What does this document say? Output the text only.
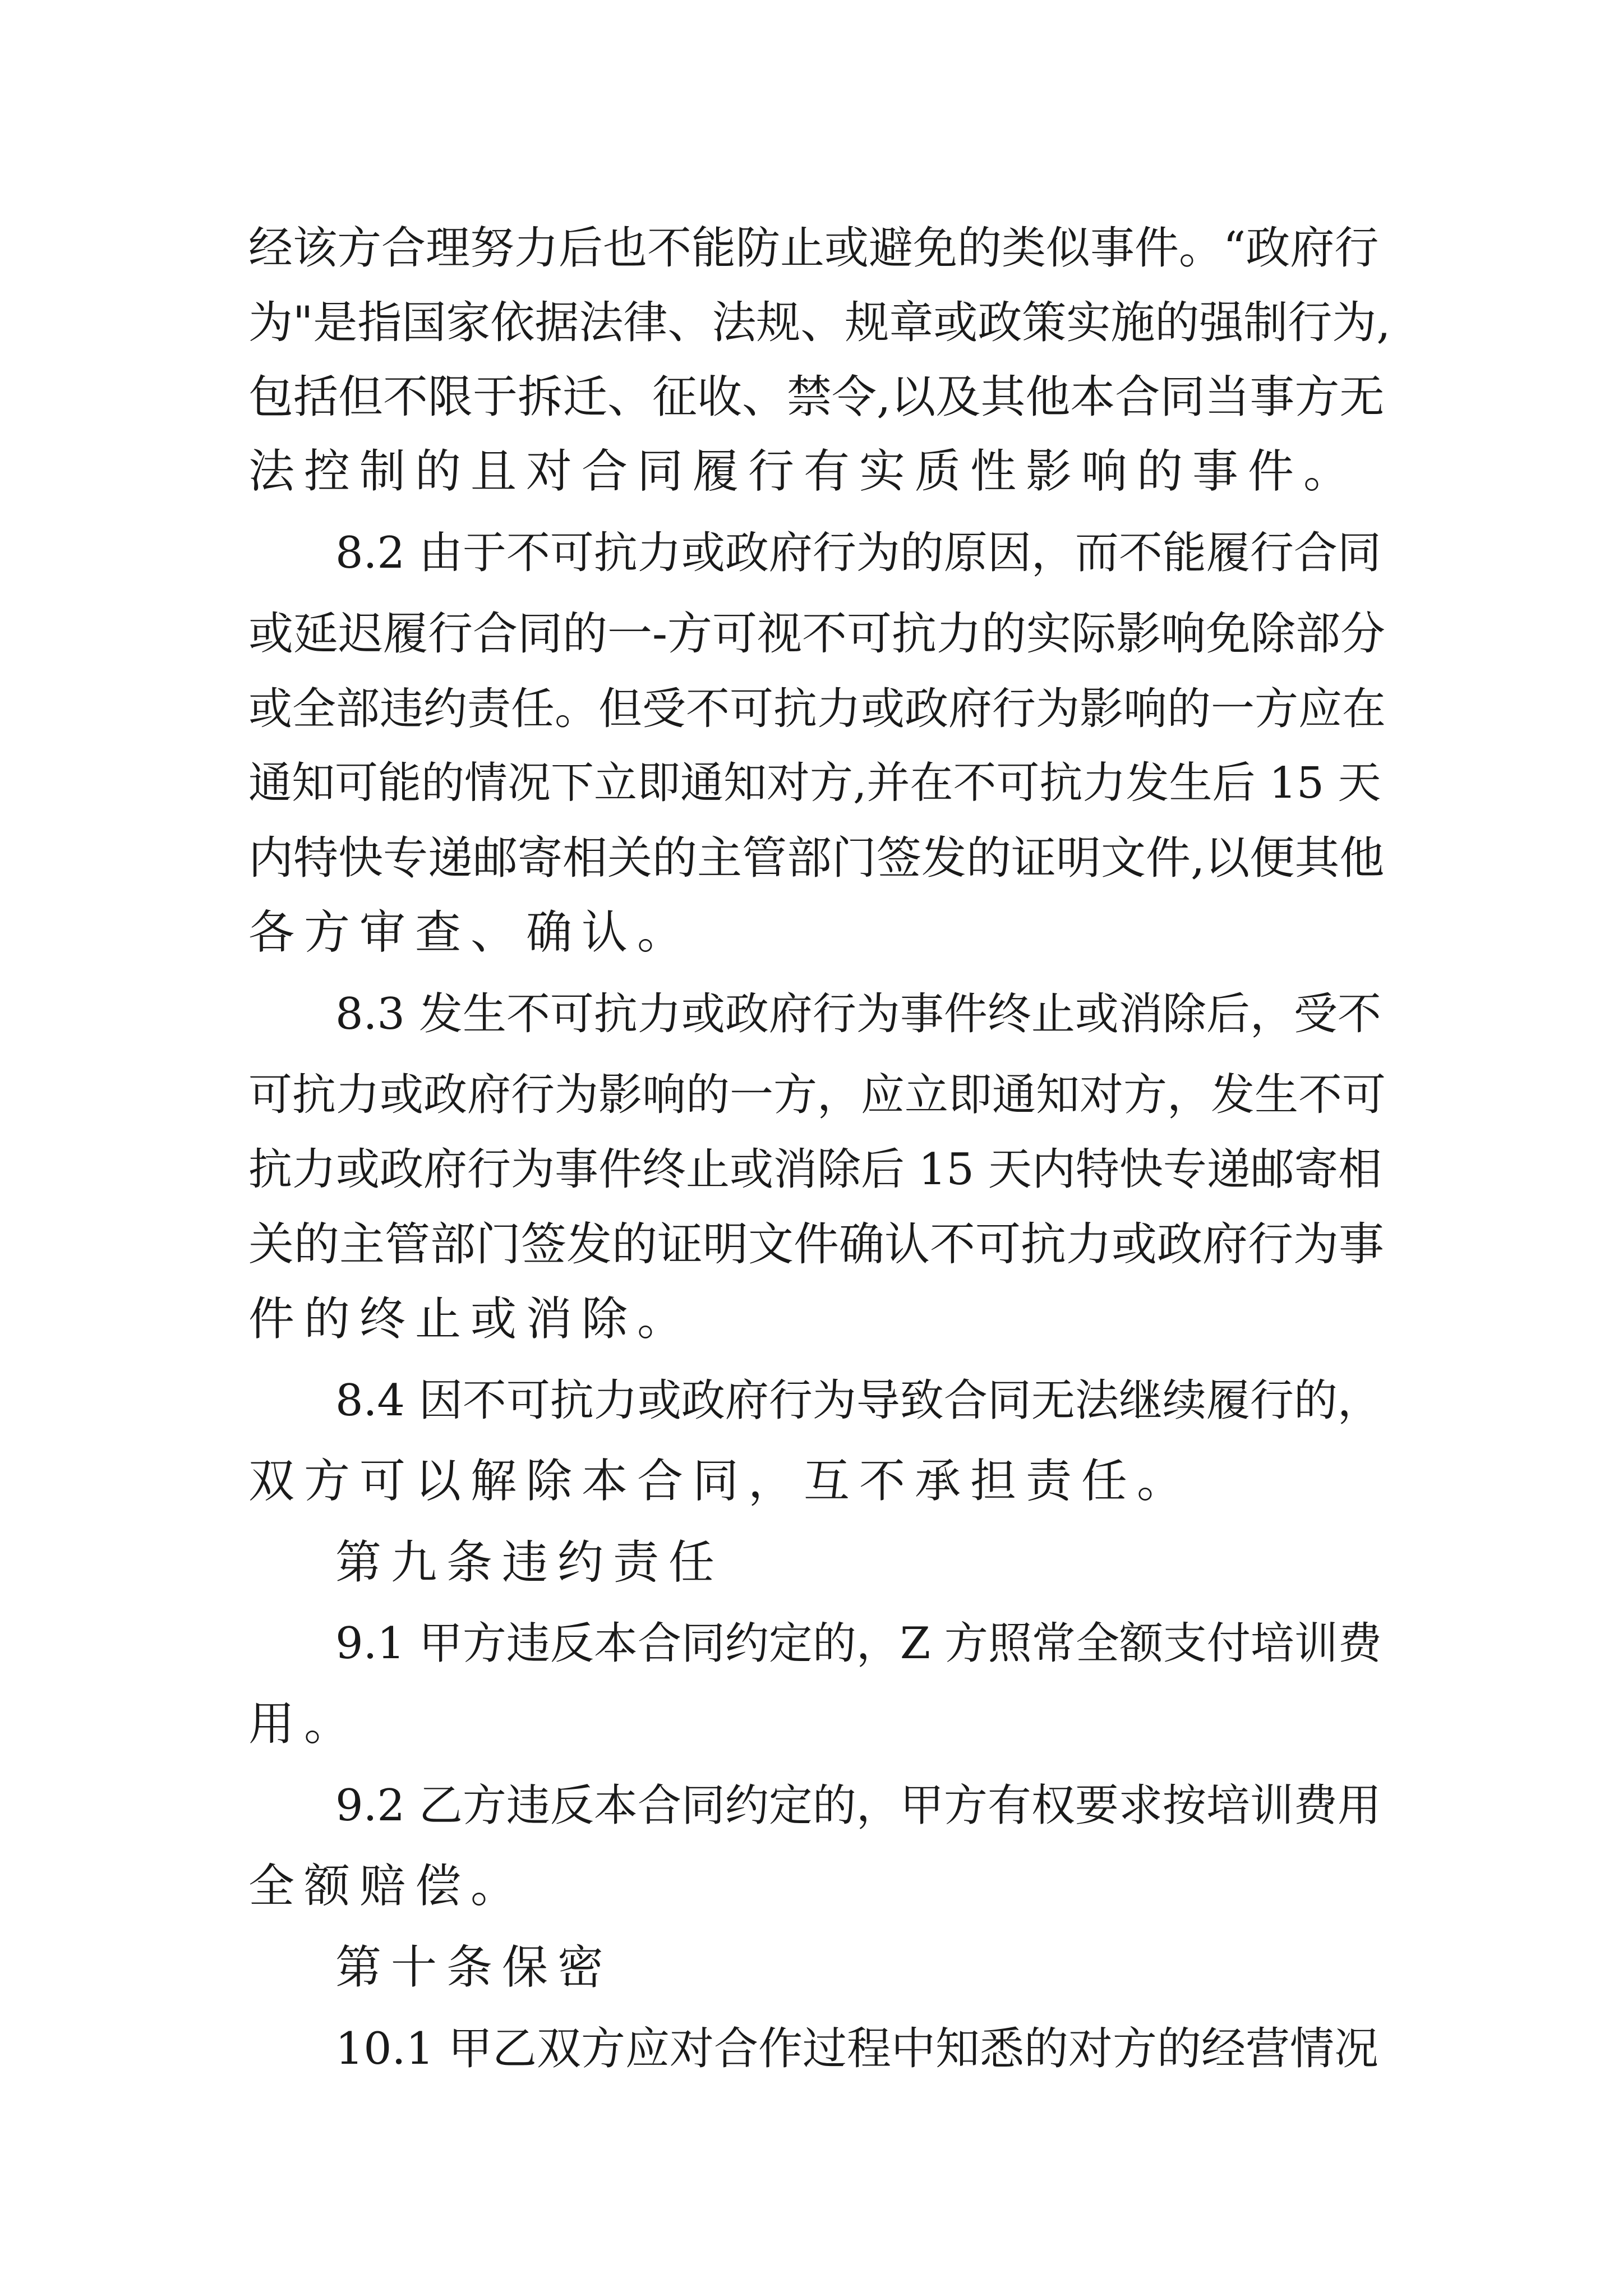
经该方合理努力后也不能防止或避免的类似事件。“政府行
为"是指国家依据法律、法规、规章或政策实施的强制行为,
包括但不限于拆迁、征收、禁令,以及其他本合同当事方无
法控制的且对合同履行有实质性影响的事件。
8.2 由于不可抗力或政府行为的原因，而不能履行合同
或延迟履行合同的一-方可视不可抗力的实际影响免除部分
或全部违约责任。但受不可抗力或政府行为影响的一方应在
通知可能的情况下立即通知对方,并在不可抗力发生后 15 天
内特快专递邮寄相关的主管部门签发的证明文件,以便其他
各方审查、确认。
8.3 发生不可抗力或政府行为事件终止或消除后，受不
可抗力或政府行为影响的一方，应立即通知对方，发生不可
抗力或政府行为事件终止或消除后 15 天内特快专递邮寄相
关的主管部门签发的证明文件确认不可抗力或政府行为事
件的终止或消除。
8.4 因不可抗力或政府行为导致合同无法继续履行的，
双方可以解除本合同，互不承担责任。
第九条违约责任
9.1 甲方违反本合同约定的，Z 方照常全额支付培训费
用。
9.2 乙方违反本合同约定的，甲方有权要求按培训费用
全额赔偿。
第十条保密
10.1 甲乙双方应对合作过程中知悉的对方的经营情况
